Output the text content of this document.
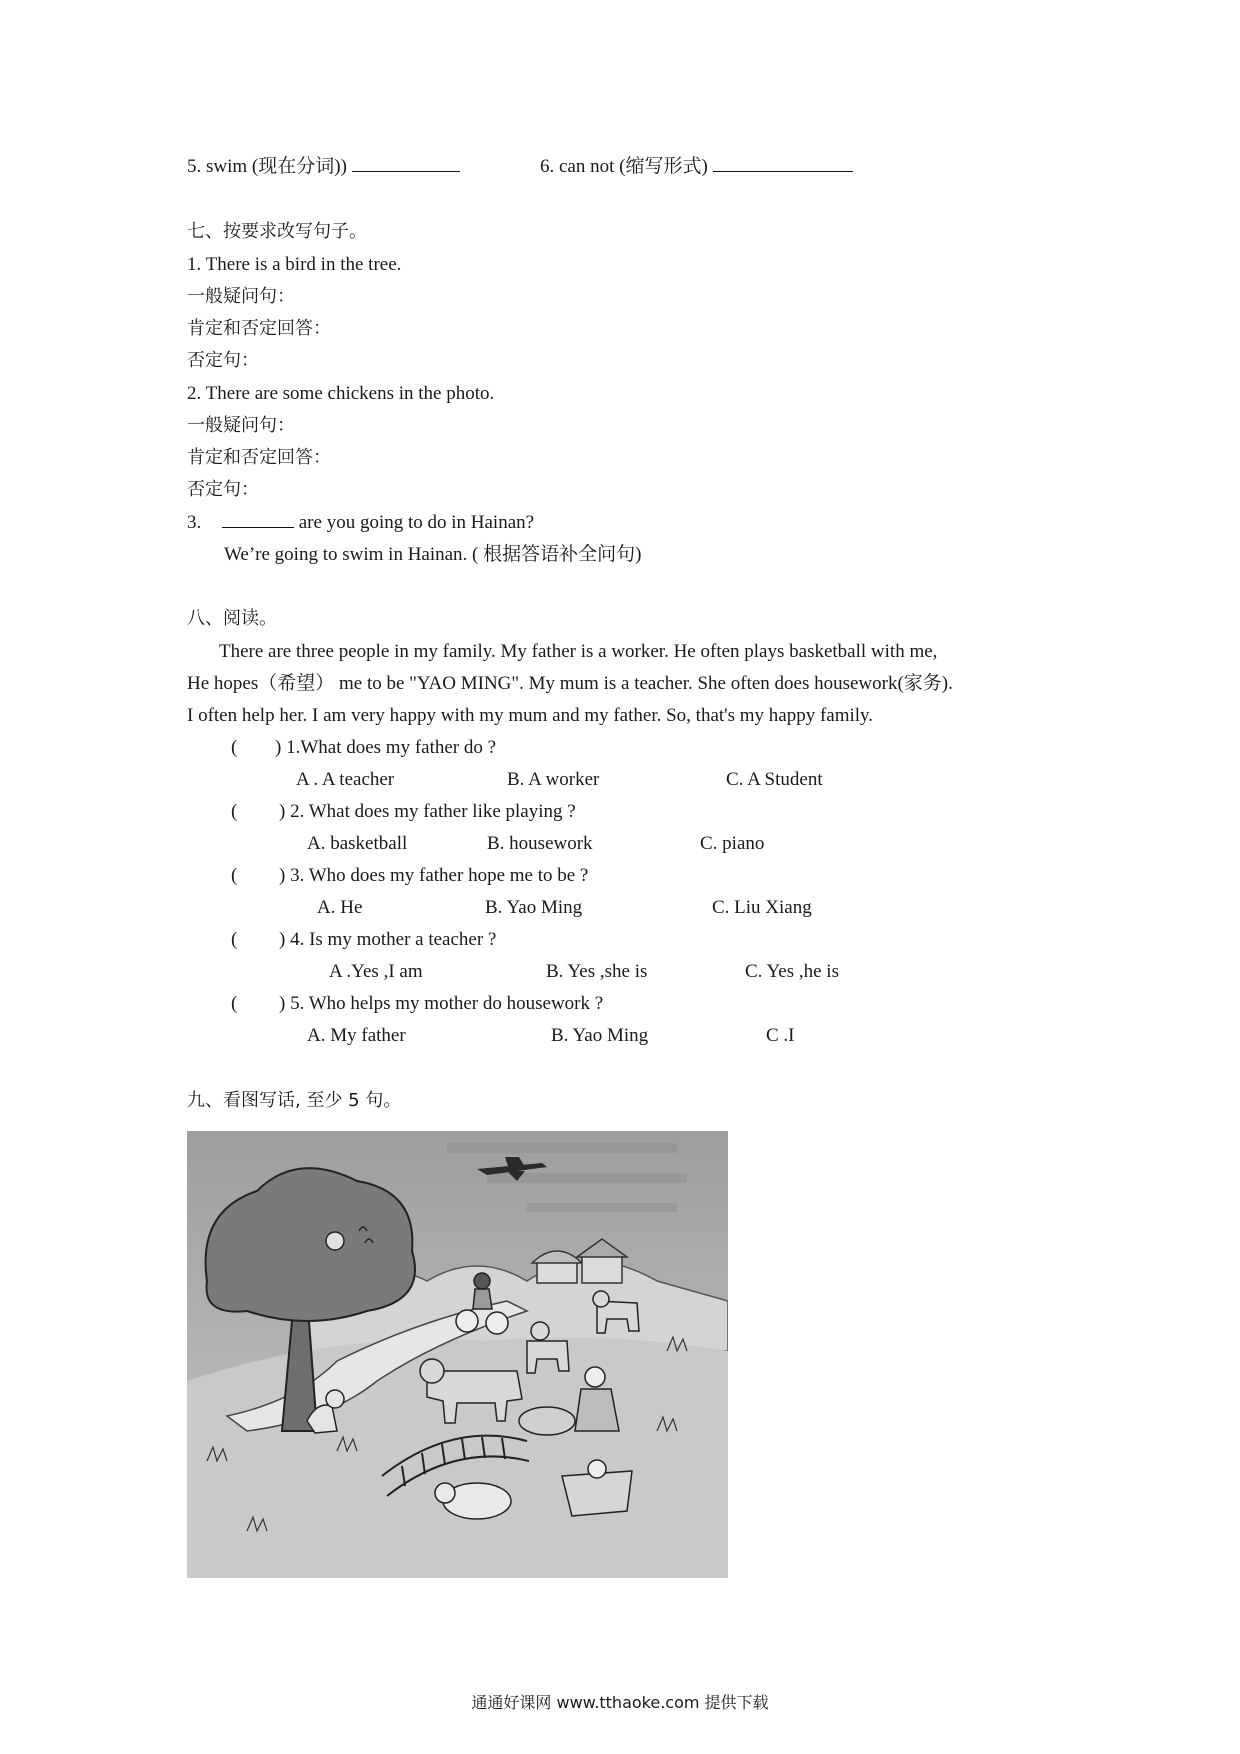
5. swim (现在分词))	6. can not (缩写形式)
七、按要求改写句子。
1. There is a bird in the tree.
一般疑问句：
肯定和否定回答：
否定句：
2. There are some chickens in the photo.
一般疑问句：
肯定和否定回答：
否定句：
3.	are you going to do in Hainan?
We’re going to swim in Hainan. ( 根据答语补全问句)
八、阅读。
There are three people in my family. My father is a worker. He often plays basketball with me,
He hopes（希望） me to be "YAO MING". My mum is a teacher. She often does housework(家务).
I often help her. I am very happy with my mum and my father. So, that's my happy family.
( ) 1.What does my father do ?
A . A teacher	B. A worker	C. A Student
( ) 2. What does my father like playing ?
A. basketball	B. housework	C. piano
( ) 3. Who does my father hope me to be ?
A. He	B. Yao Ming	C. Liu Xiang
( ) 4. Is my mother a teacher ?
A .Yes ,I am	B. Yes ,she is	C. Yes ,he is
( ) 5. Who helps my mother do housework ?
A. My father	B. Yao Ming	C .I
九、看图写话, 至少 5 句。
通通好课网 www.tthaoke.com 提供下载
